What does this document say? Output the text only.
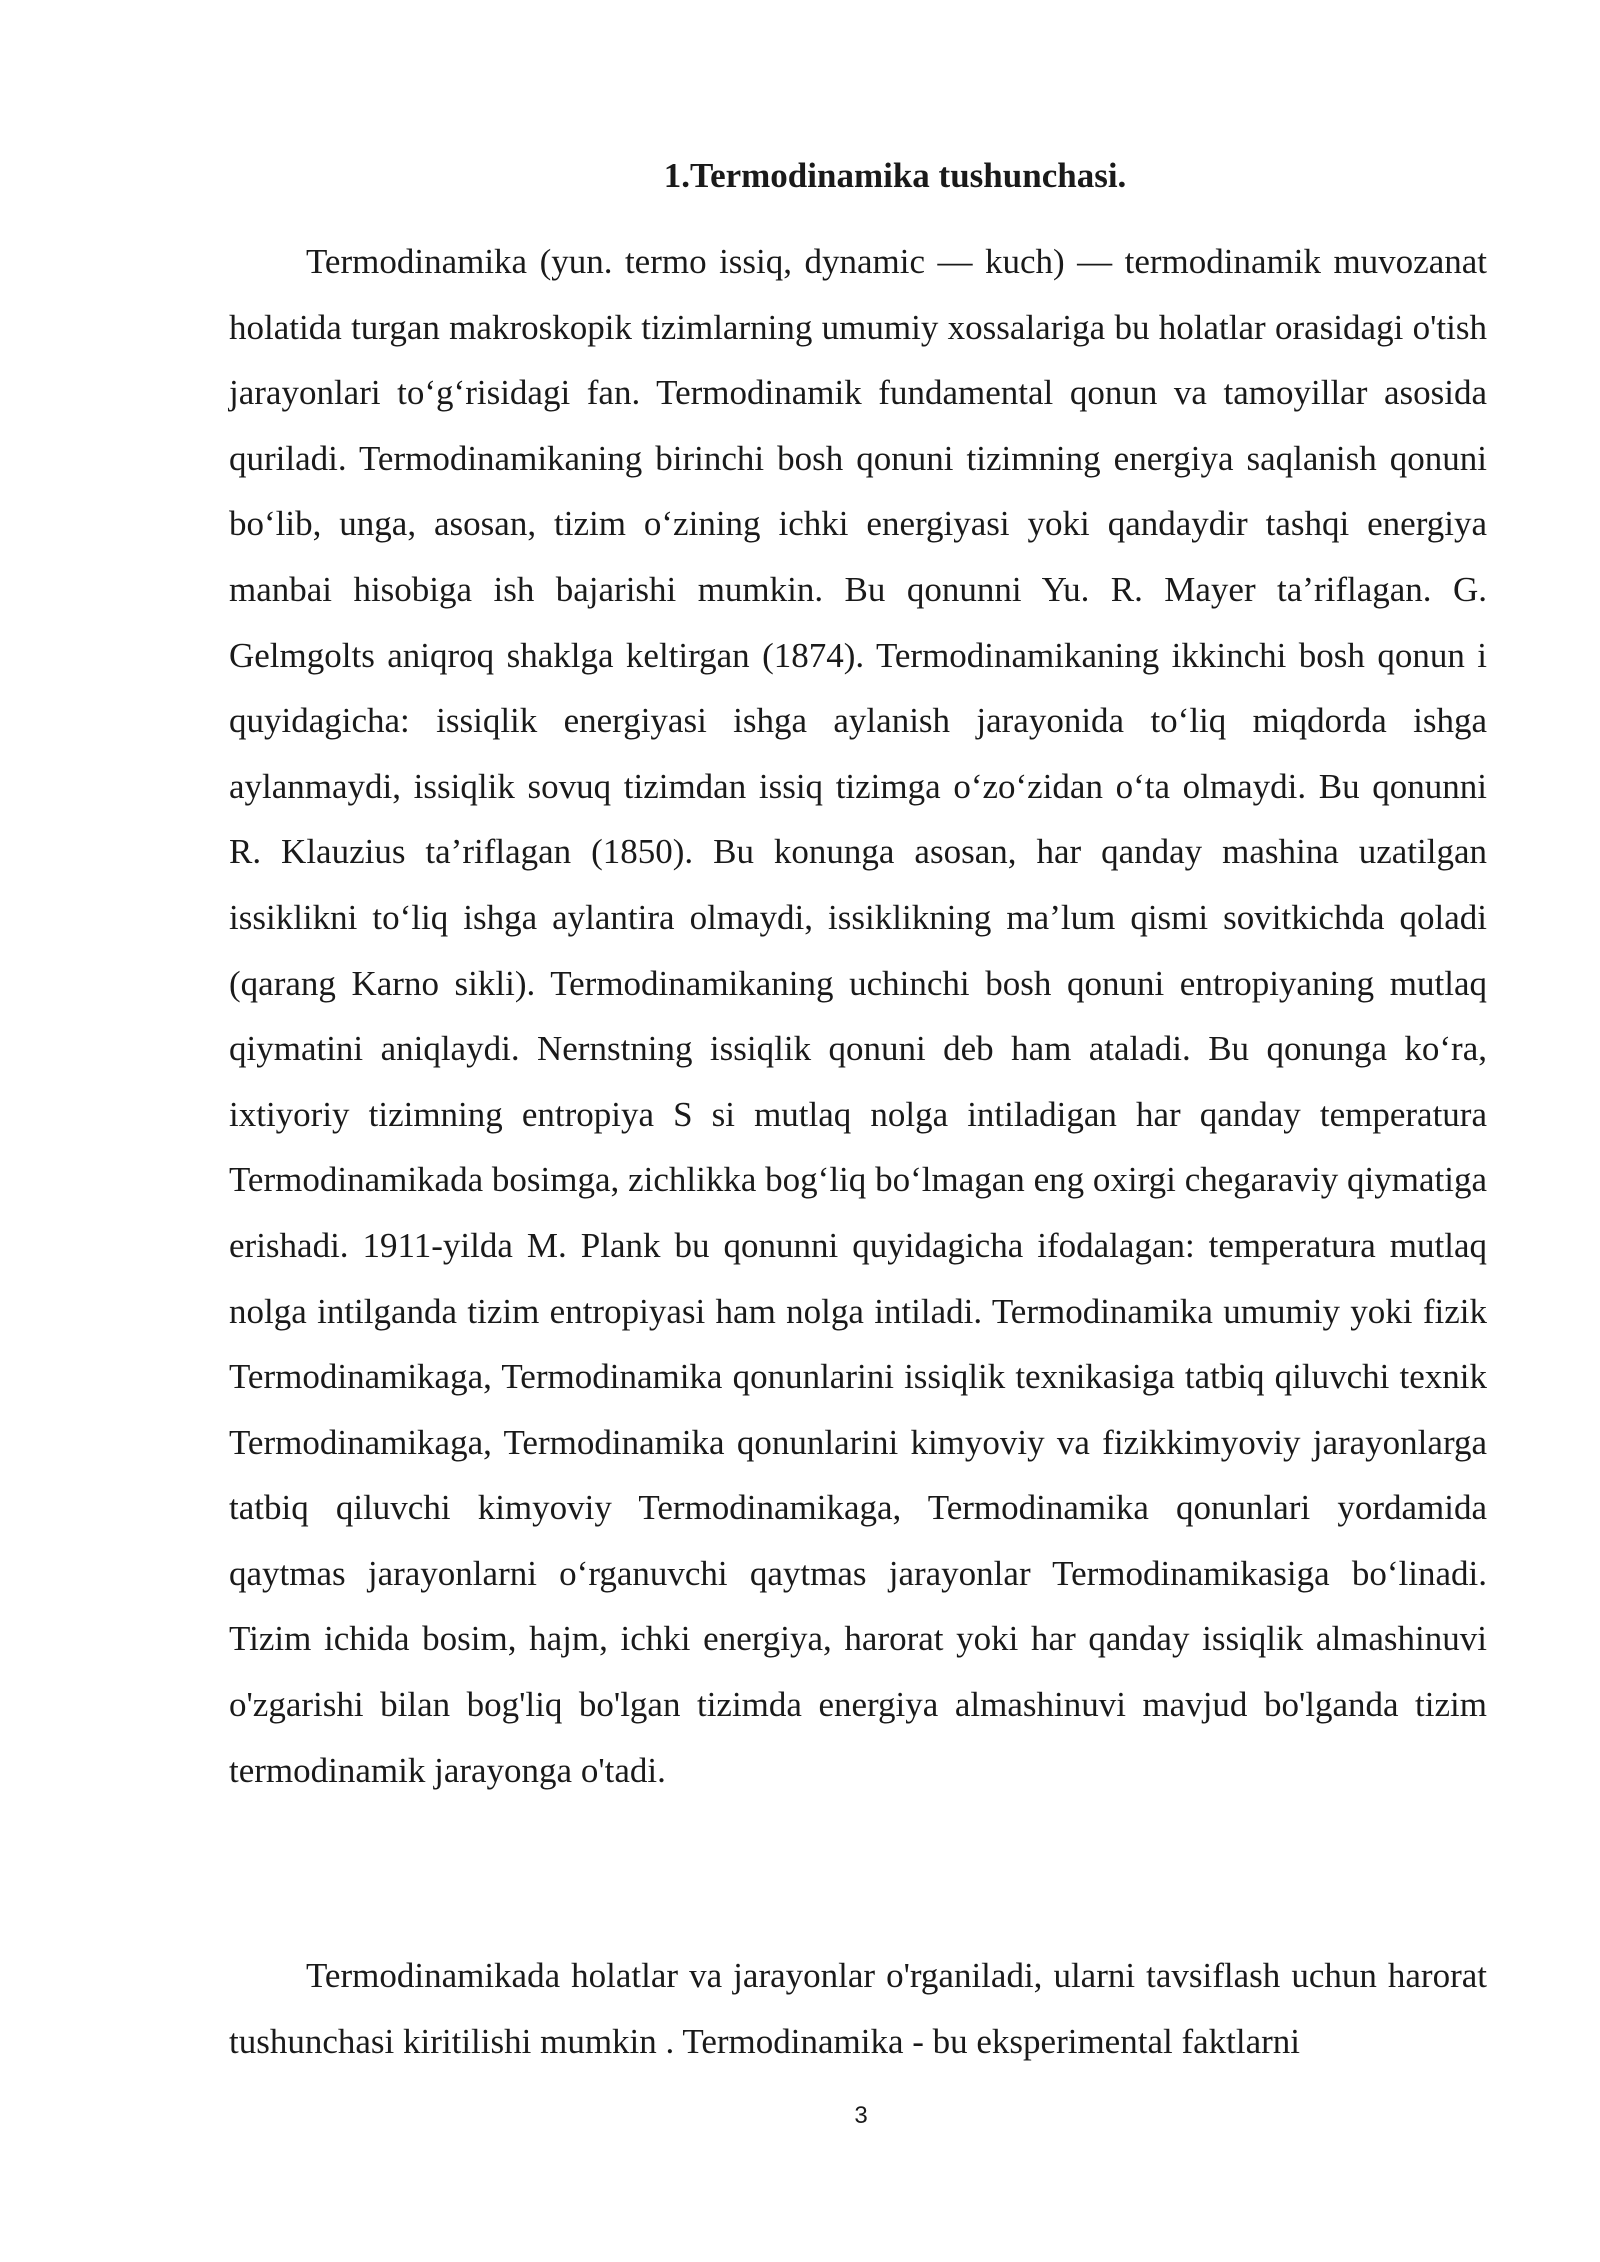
1.Termodinamika tushunchasi.

Termodinamika (yun. termo issiq, dynamic — kuch) — termodinamik muvozanat holatida turgan makroskopik tizimlarning umumiy xossalariga bu holatlar orasidagi o'tish jarayonlari to‘g‘risidagi fan. Termodinamik fundamental qonun va tamoyillar asosida quriladi. Termodinamikaning birinchi bosh qonuni tizimning energiya saqlanish qonuni bo‘lib, unga, asosan, tizim o‘zining ichki energiyasi yoki qandaydir tashqi energiya manbai hisobiga ish bajarishi mumkin. Bu qonunni Yu. R. Mayer ta’riflagan. G. Gelmgolts aniqroq shaklga keltirgan (1874). Termodinamikaning ikkinchi bosh qonun i quyidagicha: issiqlik energiyasi ishga aylanish jarayonida to‘liq miqdorda ishga aylanmaydi, issiqlik sovuq tizimdan issiq tizimga o‘zo‘zidan o‘ta olmaydi. Bu qonunni R. Klauzius ta’riflagan (1850). Bu konunga asosan, har qanday mashina uzatilgan issiklikni to‘liq ishga aylantira olmaydi, issiklikning ma’lum qismi sovitkichda qoladi (qarang Karno sikli). Termodinamikaning uchinchi bosh qonuni entropiyaning mutlaq qiymatini aniqlaydi. Nernstning issiqlik qonuni deb ham ataladi. Bu qonunga ko‘ra, ixtiyoriy tizimning entropiya S si mutlaq nolga intiladigan har qanday temperatura Termodinamikada bosimga, zichlikka bog‘liq bo‘lmagan eng oxirgi chegaraviy qiymatiga erishadi. 1911-yilda M. Plank bu qonunni quyidagicha ifodalagan: temperatura mutlaq nolga intilganda tizim entropiyasi ham nolga intiladi. Termodinamika umumiy yoki fizik Termodinamikaga, Termodinamika qonunlarini issiqlik texnikasiga tatbiq qiluvchi texnik Termodinamikaga, Termodinamika qonunlarini kimyoviy va fizikkimyoviy jarayonlarga tatbiq qiluvchi kimyoviy Termodinamikaga, Termodinamika qonunlari yordamida qaytmas jarayonlarni o‘rganuvchi qaytmas jarayonlar Termodinamikasiga bo‘linadi. Tizim ichida bosim, hajm, ichki energiya, harorat yoki har qanday issiqlik almashinuvi o'zgarishi bilan bog'liq bo'lgan tizimda energiya almashinuvi mavjud bo'lganda tizim termodinamik jarayonga o'tadi.

Termodinamikada holatlar va jarayonlar o'rganiladi, ularni tavsiflash uchun harorat tushunchasi kiritilishi mumkin . Termodinamika - bu eksperimental faktlarni

3
